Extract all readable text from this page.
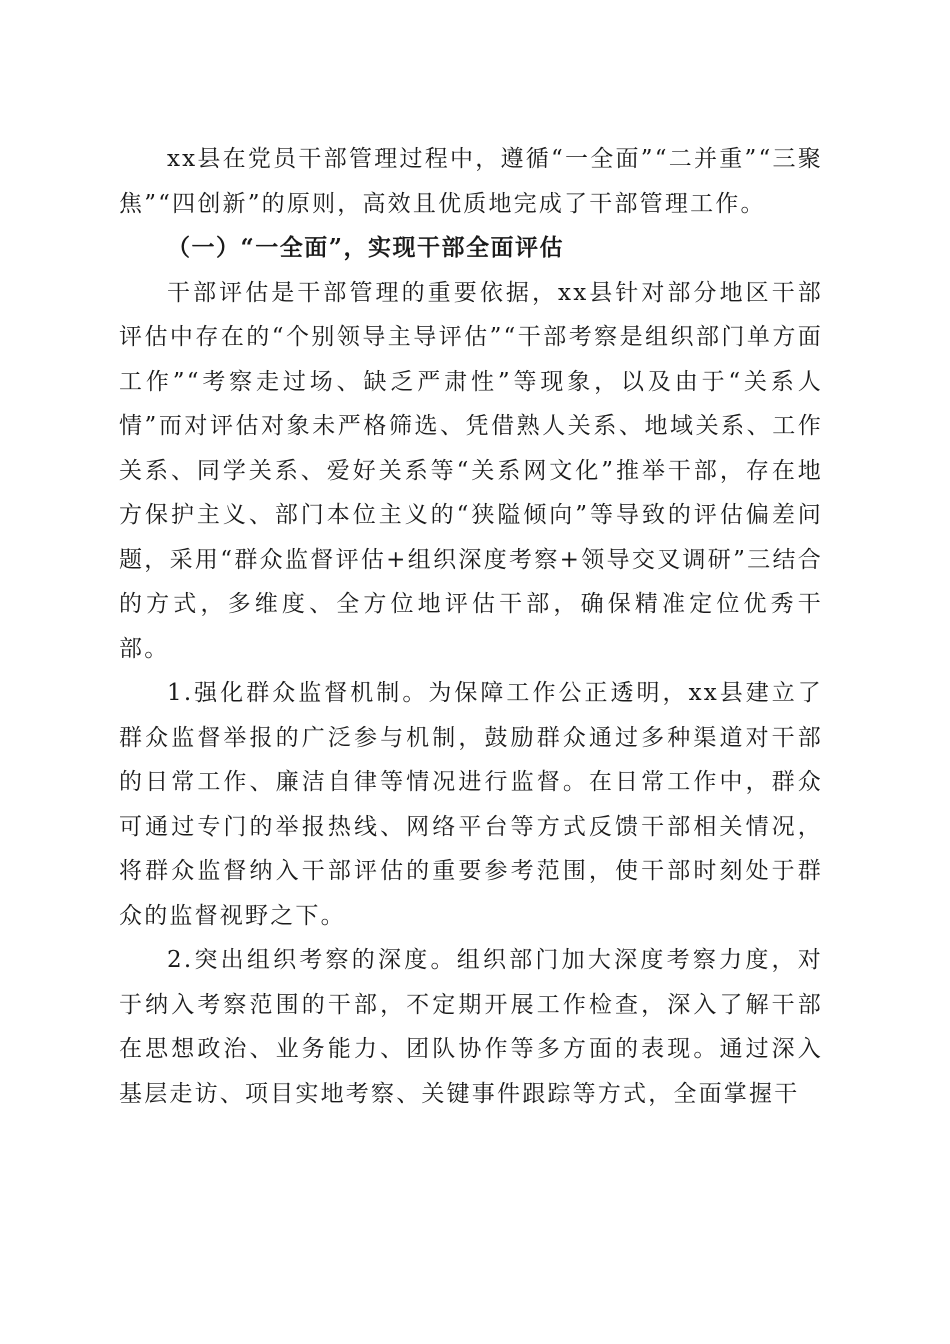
xx县在党员干部管理过程中，遵循“一全面”“二并重”“三聚焦”“四创新”的原则，高效且优质地完成了干部管理工作。

（一）“一全面”，实现干部全面评估

干部评估是干部管理的重要依据，xx县针对部分地区干部评估中存在的“个别领导主导评估”“干部考察是组织部门单方面工作”“考察走过场、缺乏严肃性”等现象，以及由于“关系人情”而对评估对象未严格筛选、凭借熟人关系、地域关系、工作关系、同学关系、爱好关系等“关系网文化”推举干部，存在地方保护主义、部门本位主义的“狭隘倾向”等导致的评估偏差问题，采用“群众监督评估+组织深度考察+领导交叉调研”三结合的方式，多维度、全方位地评估干部，确保精准定位优秀干部。

1.强化群众监督机制。为保障工作公正透明，xx县建立了群众监督举报的广泛参与机制，鼓励群众通过多种渠道对干部的日常工作、廉洁自律等情况进行监督。在日常工作中，群众可通过专门的举报热线、网络平台等方式反馈干部相关情况，将群众监督纳入干部评估的重要参考范围，使干部时刻处于群众的监督视野之下。

2.突出组织考察的深度。组织部门加大深度考察力度，对于纳入考察范围的干部，不定期开展工作检查，深入了解干部在思想政治、业务能力、团队协作等多方面的表现。通过深入基层走访、项目实地考察、关键事件跟踪等方式，全面掌握干
